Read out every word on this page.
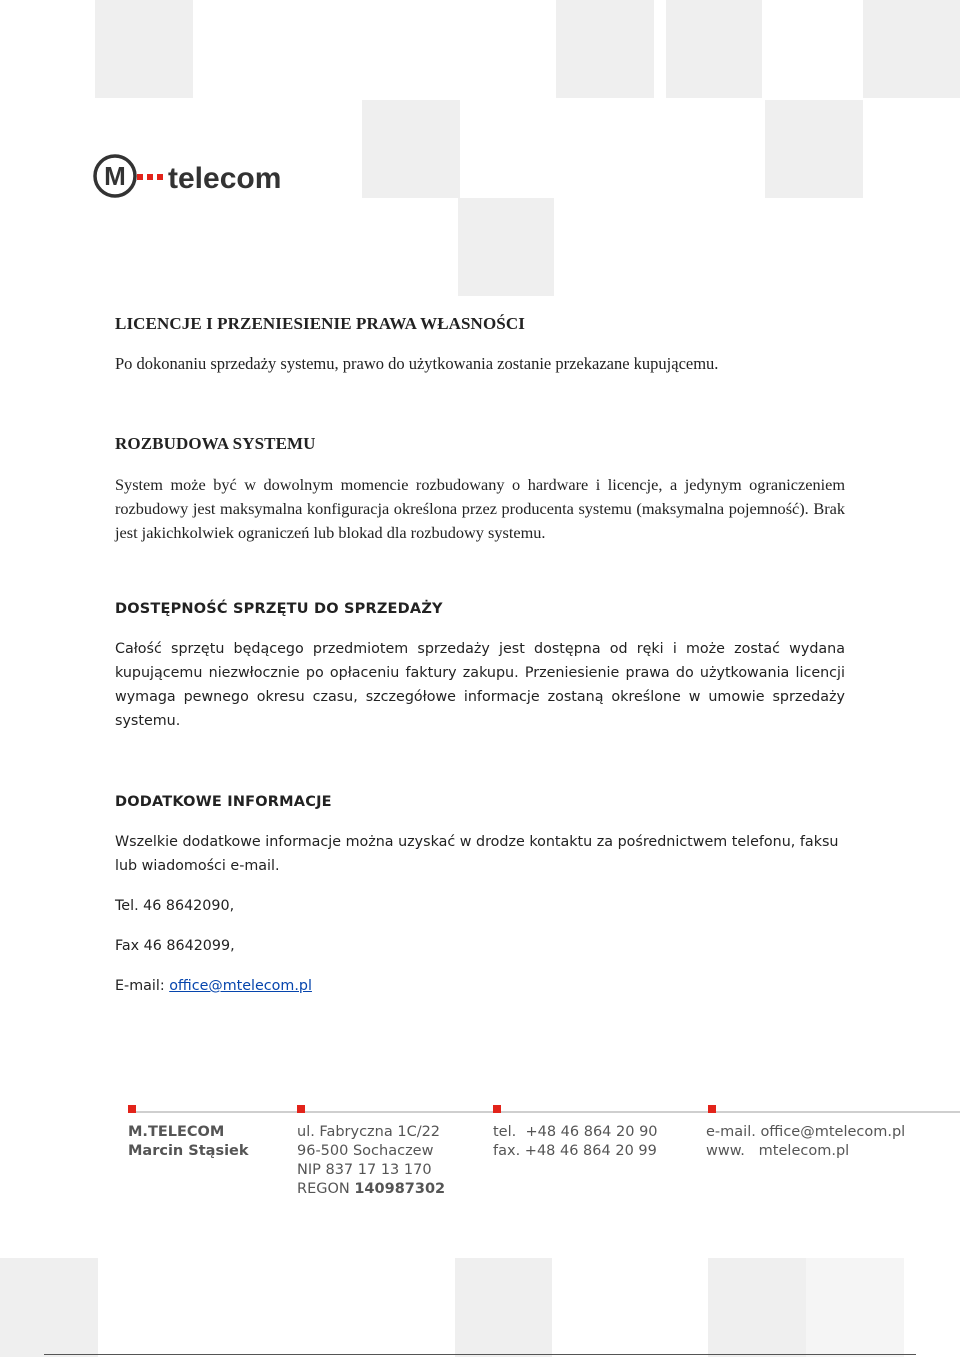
M telecom
LICENCJE I PRZENIESIENIE PRAWA WŁASNOŚCI

Po dokonaniu sprzedaży systemu, prawo do użytkowania zostanie przekazane kupującemu.

ROZBUDOWA SYSTEMU

System może być w dowolnym momencie rozbudowany o hardware i licencje, a jedynym ograniczeniem rozbudowy jest maksymalna konfiguracja określona przez producenta systemu (maksymalna pojemność). Brak jest jakichkolwiek ograniczeń lub blokad dla rozbudowy systemu.

DOSTĘPNOŚĆ SPRZĘTU DO SPRZEDAŻY

Całość sprzętu będącego przedmiotem sprzedaży jest dostępna od ręki i może zostać wydana kupującemu niezwłocznie po opłaceniu faktury zakupu. Przeniesienie prawa do użytkowania licencji wymaga pewnego okresu czasu, szczegółowe informacje zostaną określone w umowie sprzedaży systemu.

DODATKOWE INFORMACJE

Wszelkie dodatkowe informacje można uzyskać w drodze kontaktu za pośrednictwem telefonu, faksu lub wiadomości e-mail.

Tel. 46 8642090,

Fax 46 8642099,

E-mail: office@mtelecom.pl

M.TELECOM
Marcin Stąsiek
ul. Fabryczna 1C/22
96-500 Sochaczew
NIP 837 17 13 170
REGON 140987302
tel.  +48 46 864 20 90
fax. +48 46 864 20 99
e-mail. office@mtelecom.pl
www.   mtelecom.pl
